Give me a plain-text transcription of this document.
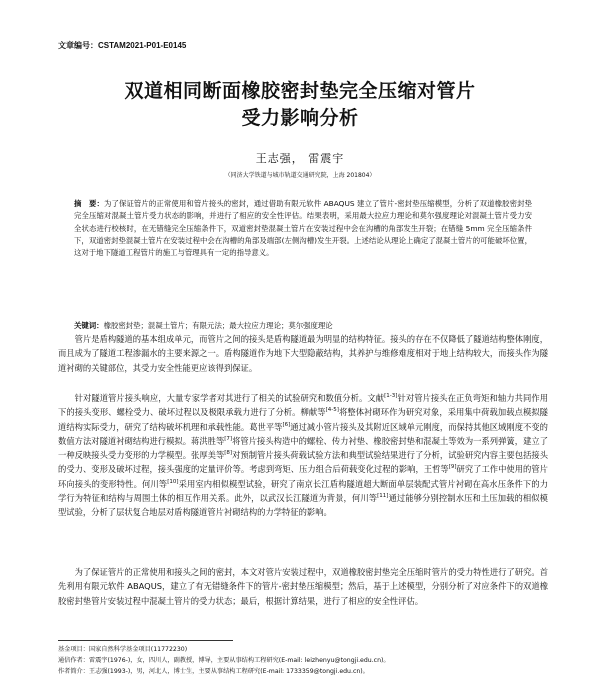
文章编号：CSTAM2021-P01-E0145
双道相同断面橡胶密封垫完全压缩对管片
受力影响分析
王志强， 雷震宇
（同济大学铁道与城市轨道交通研究院，上海 201804）
摘　要：为了保证管片的正常使用和管片接头的密封，通过借助有限元软件 ABAQUS 建立了管片-密封垫压缩模型，分析了双道橡胶密封垫完全压缩对混凝土管片受力状态的影响，并进行了相应的安全性评估。结果表明，采用最大拉应力理论和莫尔强度理论对混凝土管片受力安全状态进行校核时，在无错缝完全压缩条件下，双道密封垫混凝土管片在安装过程中会在沟槽的角部发生开裂；在错缝 5mm 完全压缩条件下，双道密封垫混凝土管片在安装过程中会在沟槽的角部及端部(左侧沟槽)发生开裂。上述结论从理论上确定了混凝土管片的可能破坏位置，这对于地下隧道工程管片的施工与管理具有一定的指导意义。
关键词：橡胶密封垫；混凝土管片；有限元法；最大拉应力理论；莫尔强度理论

管片是盾构隧道的基本组成单元，而管片之间的接头是盾构隧道最为明显的结构特征。接头的存在不仅降低了隧道结构整体刚度，而且成为了隧道工程渗漏水的主要来源之一。盾构隧道作为地下大型隐蔽结构，其养护与维修难度相对于地上结构较大，而接头作为隧道衬砌的关键部位，其受力安全性能更应该得到保证。

针对隧道管片接头响应，大量专家学者对其进行了相关的试验研究和数值分析。文献[1-3]针对管片接头在正负弯矩和轴力共同作用下的接头变形、螺栓受力、破坏过程以及极限承载力进行了分析。柳献等[4-5]将整体衬砌环作为研究对象，采用集中荷载加载点模拟隧道结构实际受力，研究了结构破坏机理和承载性能。葛世平等[6]通过减小管片接头及其附近区域单元刚度，而保持其他区域刚度不变的数值方法对隧道衬砌结构进行模拟。蒋洪胜等[7]将管片接头构造中的螺栓、传力衬垫、橡胶密封垫和混凝土等效为一系列弹簧，建立了一种反映接头受力变形的力学模型。张厚美等[8]对预制管片接头荷载试验方法和典型试验结果进行了分析，试验研究内容主要包括接头的受力、变形及破坏过程，接头强度的定量评价等。考虑到弯矩、压力组合后荷载变化过程的影响，王哲等[9]研究了工作中使用的管片环向接头的变形特性。何川等[10]采用室内相似模型试验，研究了南京长江盾构隧道超大断面单层装配式管片衬砌在高水压条件下的力学行为特征和结构与周围土体的相互作用关系。此外，以武汉长江隧道为背景，何川等[11]通过能够分别控制水压和土压加载的相似模型试验，分析了层状复合地层对盾构隧道管片衬砌结构的力学特征的影响。

为了保证管片的正常使用和接头之间的密封，本文对管片安装过程中，双道橡胶密封垫完全压缩时管片的受力特性进行了研究。首先利用有限元软件 ABAQUS，建立了有无错缝条件下的管片-密封垫压缩模型；然后，基于上述模型，分别分析了对应条件下的双道橡胶密封垫管片安装过程中混凝土管片的受力状态；最后，根据计算结果，进行了相应的安全性评估。

基金项目：国家自然科学基金项目(11772230)
通信作者：雷震宇(1976-)，女，四川人，副教授，博导，主要从事结构工程研究(E-mail: leizhenyu@tongji.edu.cn)。
作者简介：王志强(1993-)，男，河北人，博士生，主要从事结构工程研究(E-mail: 1733359@tongji.edu.cn)。
